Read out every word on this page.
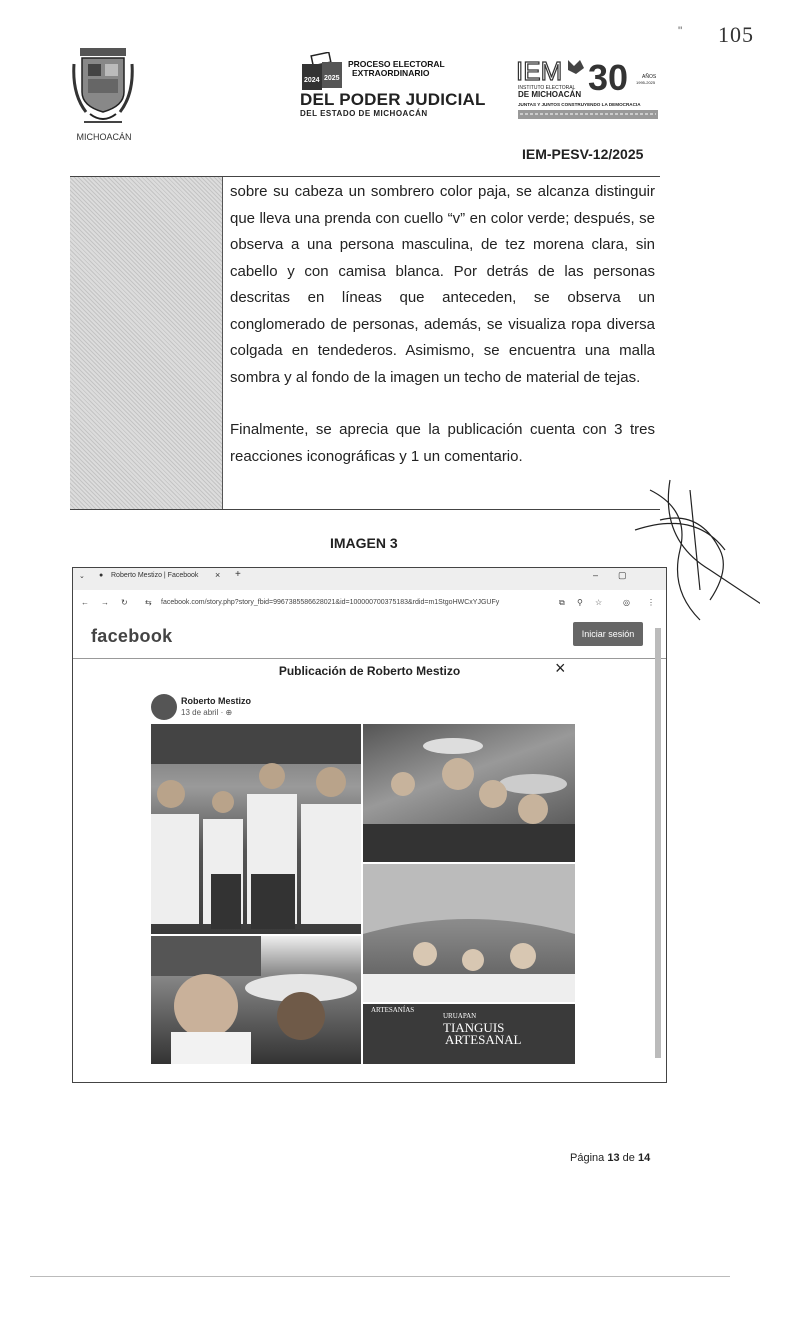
" 105
MICHOACÁN
2024 2025
PROCESO ELECTORAL
EXTRAORDINARIO
DEL PODER JUDICIAL
DEL ESTADO DE MICHOACÁN
IEM 30	AÑOS
1995-2025
INSTITUTO ELECTORAL
DE MICHOACÁN
JUNTAS Y JUNTOS CONSTRUYENDO LA DEMOCRACIA
IEM-PESV-12/2025

sobre su cabeza un sombrero color paja, se alcanza distinguir que lleva una prenda con cuello “v” en color verde; después, se observa a una persona masculina, de tez morena clara, sin cabello y con camisa blanca. Por detrás de las personas descritas en líneas que anteceden, se observa un conglomerado de personas, además, se visualiza ropa diversa colgada en tendederos. Asimismo, se encuentra una malla sombra y al fondo de la imagen un techo de material de tejas.

Finalmente, se aprecia que la publicación cuenta con 3 tres reacciones iconográficas y 1 un comentario.

IMAGEN 3
⌄ ● Roberto Mestizo | Facebook × +	– ▢
← → ↻ ⇆ facebook.com/story.php?story_fbid=9967385586628021&id=100000700375183&rdid=m1StgoHWCxYJGUFy	⧉ ⚲ ☆	◎ ⋮
facebook	Iniciar sesión
Publicación de Roberto Mestizo	×
Roberto Mestizo
13 de abril · ⊕
ARTESANÍAS
URUAPAN
TIANGUIS
ARTESANAL
Página 13 de 14
